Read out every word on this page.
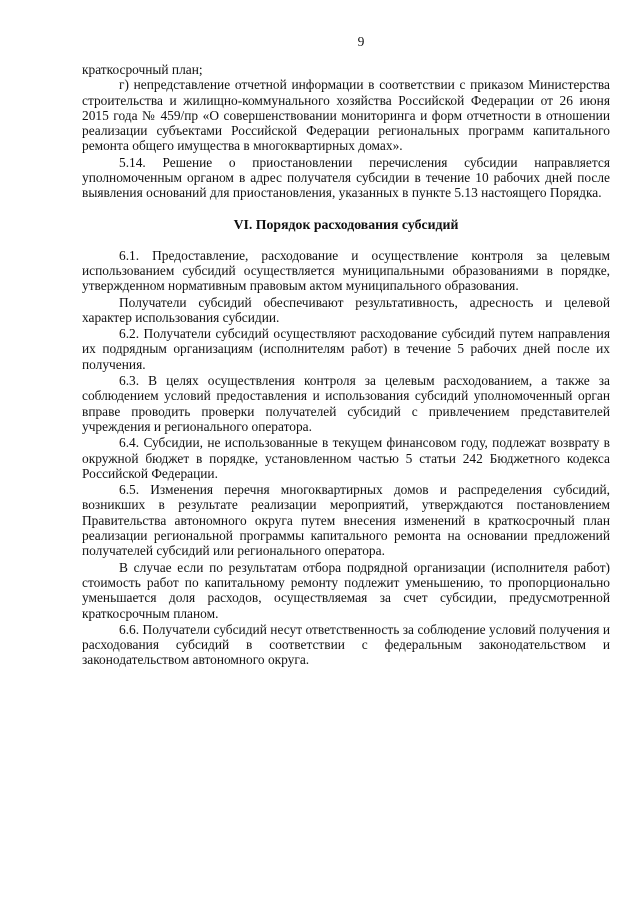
9

краткосрочный план;

г) непредставление отчетной информации в соответствии с приказом Министерства строительства и жилищно-коммунального хозяйства Российской Федерации от 26 июня 2015 года № 459/пр «О совершенствовании мониторинга и форм отчетности в отношении реализации субъектами Российской Федерации региональных программ капитального ремонта общего имущества в многоквартирных домах».

5.14. Решение о приостановлении перечисления субсидии направляется уполномоченным органом в адрес получателя субсидии в течение 10 рабочих дней после выявления оснований для приостановления, указанных в пункте 5.13 настоящего Порядка.

VI. Порядок расходования субсидий

6.1. Предоставление, расходование и осуществление контроля за целевым использованием субсидий осуществляется муниципальными образованиями в порядке, утвержденном нормативным правовым актом муниципального образования.

Получатели субсидий обеспечивают результативность, адресность и целевой характер использования субсидии.

6.2. Получатели субсидий осуществляют расходование субсидий путем направления их подрядным организациям (исполнителям работ) в течение 5 рабочих дней после их получения.

6.3. В целях осуществления контроля за целевым расходованием, а также за соблюдением условий предоставления и использования субсидий уполномоченный орган вправе проводить проверки получателей субсидий с привлечением представителей учреждения и регионального оператора.

6.4. Субсидии, не использованные в текущем финансовом году, подлежат возврату в окружной бюджет в порядке, установленном частью 5 статьи 242 Бюджетного кодекса Российской Федерации.

6.5. Изменения перечня многоквартирных домов и распределения субсидий, возникших в результате реализации мероприятий, утверждаются постановлением Правительства автономного округа путем внесения изменений в краткосрочный план реализации региональной программы капитального ремонта на основании предложений получателей субсидий или регионального оператора.

В случае если по результатам отбора подрядной организации (исполнителя работ) стоимость работ по капитальному ремонту подлежит уменьшению, то пропорционально уменьшается доля расходов, осуществляемая за счет субсидии, предусмотренной краткосрочным планом.

6.6. Получатели субсидий несут ответственность за соблюдение условий получения и расходования субсидий в соответствии с федеральным законодательством и законодательством автономного округа.
